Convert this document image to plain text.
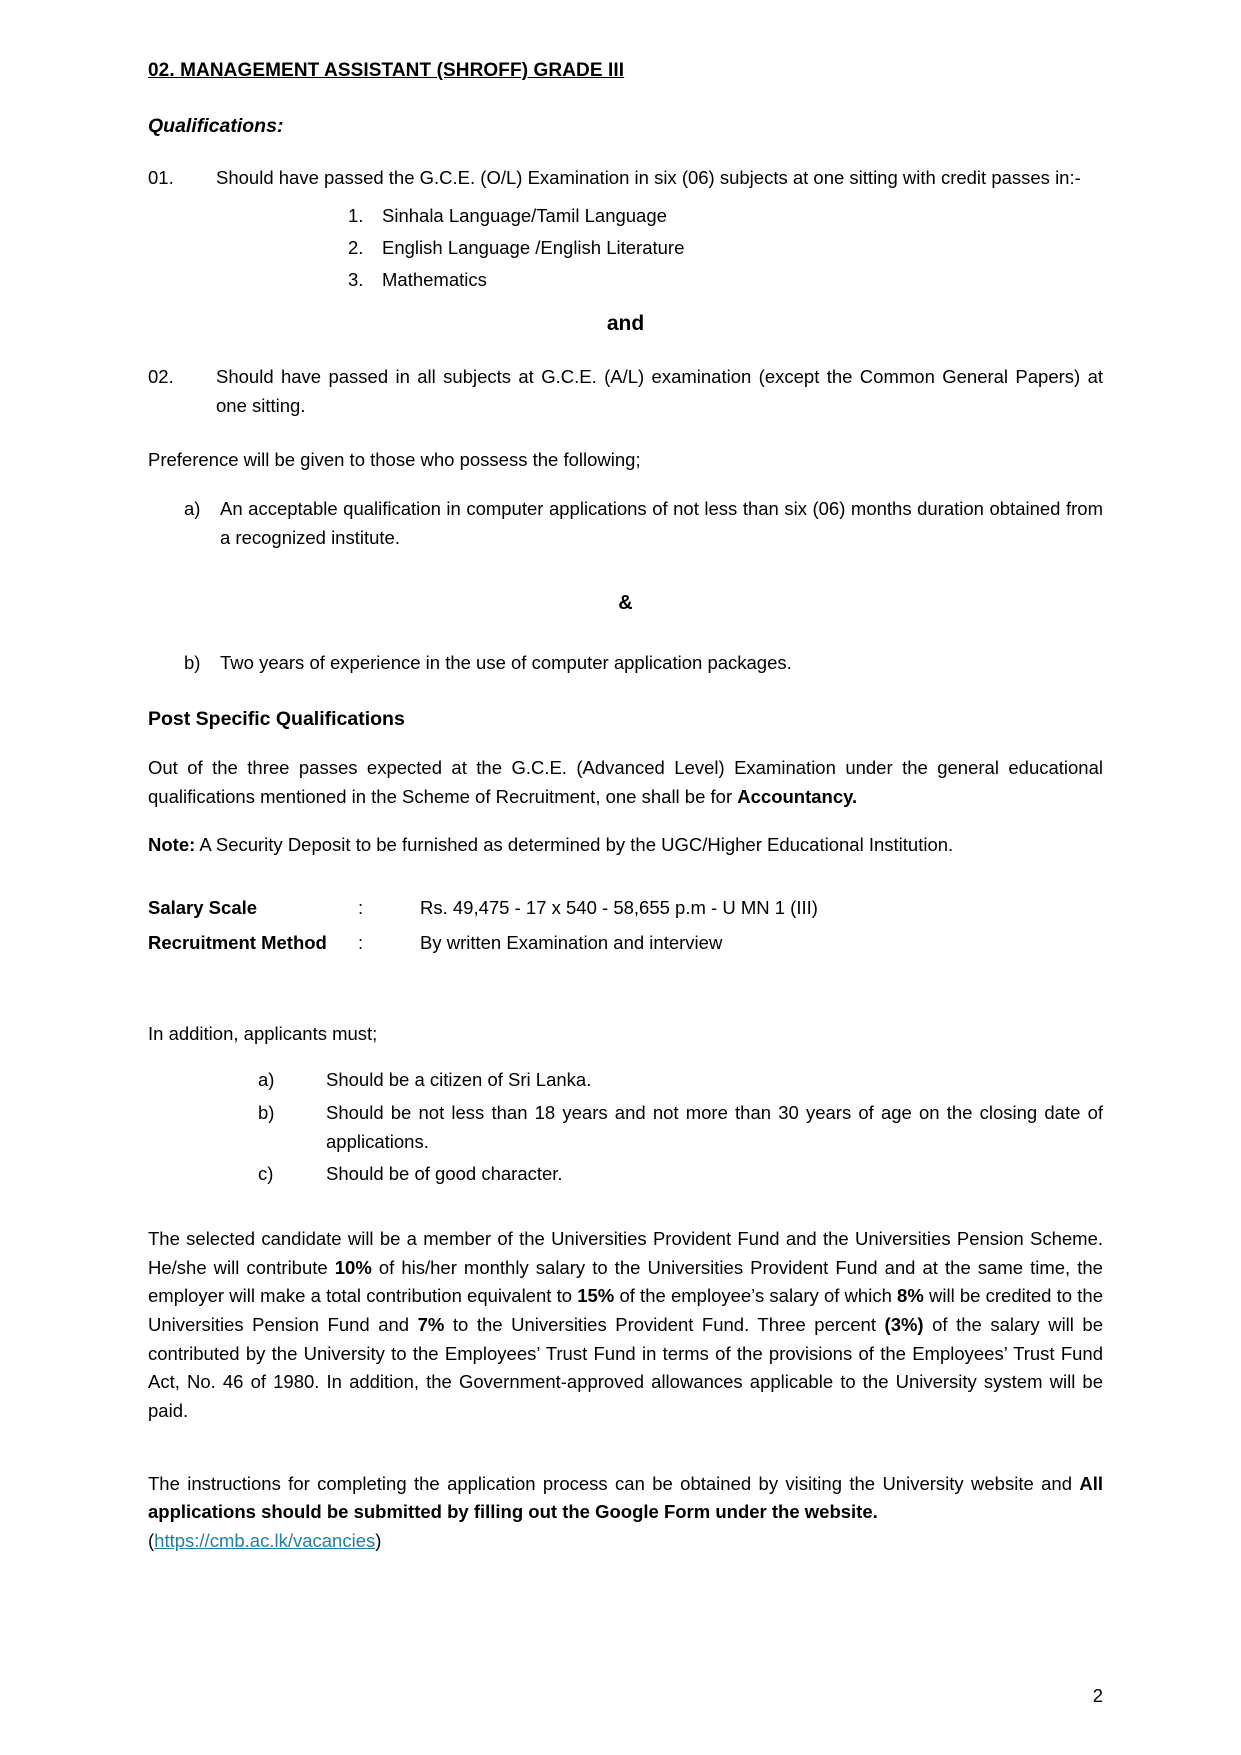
02. MANAGEMENT ASSISTANT (SHROFF) GRADE III
Qualifications:
01.	Should have passed the G.C.E. (O/L) Examination in six (06) subjects at one sitting with credit passes in:-
1.	Sinhala Language/Tamil Language
2.	English Language /English Literature
3.	Mathematics
and
02.	Should have passed in all subjects at G.C.E. (A/L) examination (except the Common General Papers) at one sitting.

Preference will be given to those who possess the following;

a)	An acceptable qualification in computer applications of not less than six (06) months duration obtained from a recognized institute.
&
b)	Two years of experience in the use of computer application packages.
Post Specific Qualifications

Out of the three passes expected at the G.C.E. (Advanced Level) Examination under the general educational qualifications mentioned in the Scheme of Recruitment, one shall be for Accountancy.

Note: A Security Deposit to be furnished as determined by the UGC/Higher Educational Institution.

Salary Scale	:	Rs. 49,475 - 17 x 540 - 58,655 p.m - U MN 1 (III)
Recruitment Method	:	By written Examination and interview

In addition, applicants must;

a)	Should be a citizen of Sri Lanka.
b)	Should be not less than 18 years and not more than 30 years of age on the closing date of applications.
c)	Should be of good character.

The selected candidate will be a member of the Universities Provident Fund and the Universities Pension Scheme. He/she will contribute 10% of his/her monthly salary to the Universities Provident Fund and at the same time, the employer will make a total contribution equivalent to 15% of the employee’s salary of which 8% will be credited to the Universities Pension Fund and 7% to the Universities Provident Fund. Three percent (3%) of the salary will be contributed by the University to the Employees’ Trust Fund in terms of the provisions of the Employees’ Trust Fund Act, No. 46 of 1980. In addition, the Government-approved allowances applicable to the University system will be paid.

The instructions for completing the application process can be obtained by visiting the University website and All applications should be submitted by filling out the Google Form under the website.
(https://cmb.ac.lk/vacancies)

2
